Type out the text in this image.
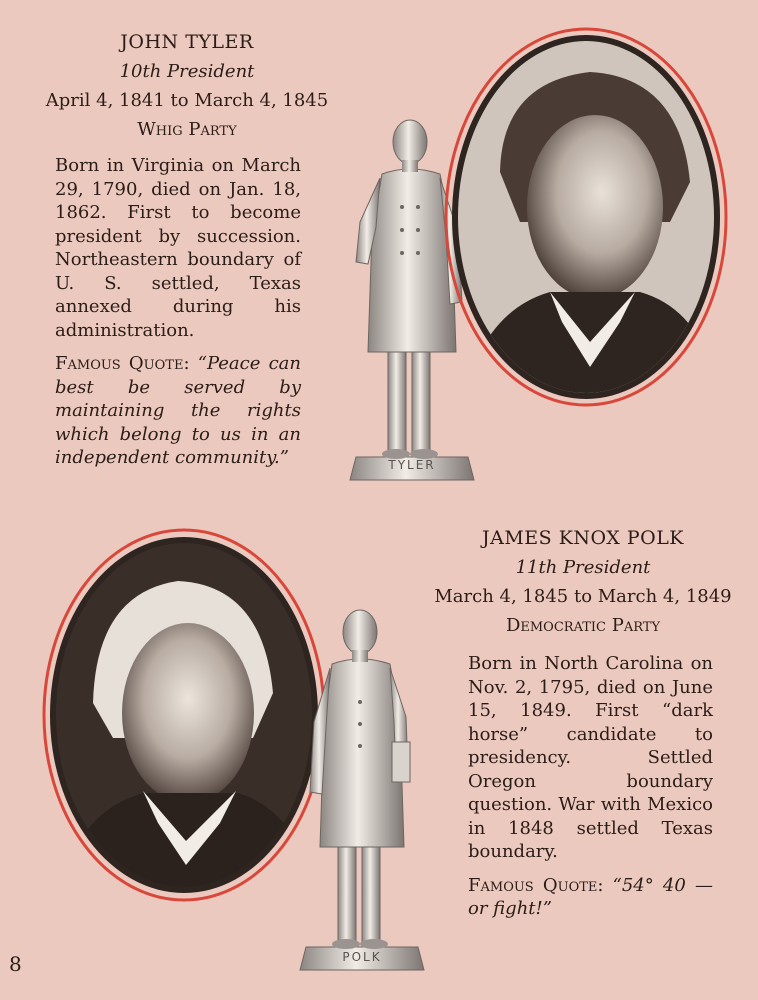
JOHN TYLER
10th President
April 4, 1841 to March 4, 1845
Whig Party
Born in Virginia on March 29, 1790, died on Jan. 18, 1862. First to become president by succession. Northeastern boundary of U. S. settled, Texas annexed during his administration.
Famous Quote: “Peace can best be served by maintaining the rights which belong to us in an independent community.”	TYLER
JAMES KNOX POLK
11th President
March 4, 1845 to March 4, 1849
Democratic Party
Born in North Carolina on Nov. 2, 1795, died on June 15, 1849. First “dark horse” candidate to presidency. Settled Oregon boundary question. War with Mexico in 1848 settled Texas boundary.
Famous Quote: “54° 40 — or fight!”
POLK
8
